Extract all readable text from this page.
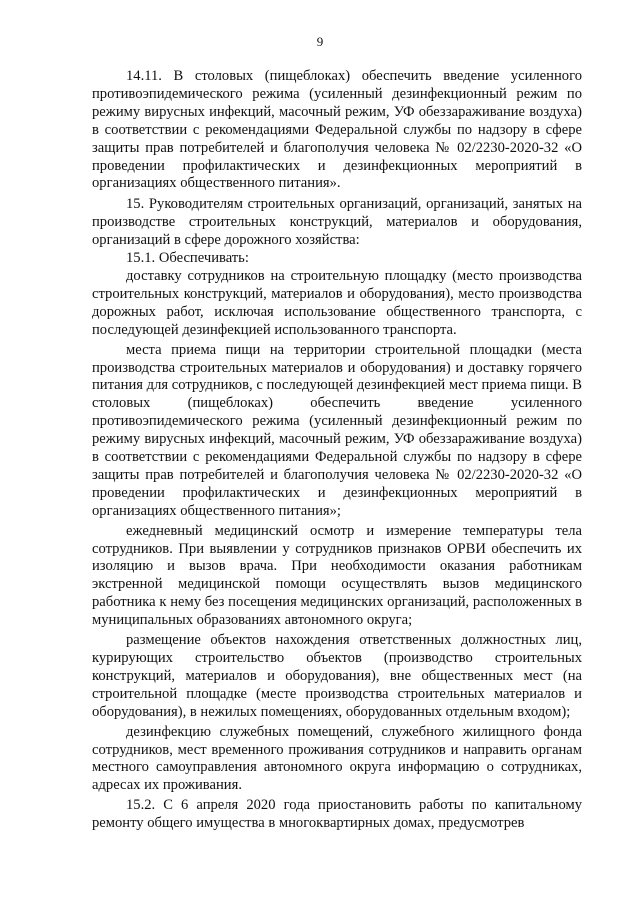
9

14.11. В столовых (пищеблоках) обеспечить введение усиленного противоэпидемического режима (усиленный дезинфекционный режим по режиму вирусных инфекций, масочный режим, УФ обеззараживание воздуха) в соответствии с рекомендациями Федеральной службы по надзору в сфере защиты прав потребителей и благополучия человека № 02/2230-2020-32 «О проведении профилактических и дезинфекционных мероприятий в организациях общественного питания».

15. Руководителям строительных организаций, организаций, занятых на производстве строительных конструкций, материалов и оборудования, организаций в сфере дорожного хозяйства:

15.1. Обеспечивать:

доставку сотрудников на строительную площадку (место производства строительных конструкций, материалов и оборудования), место производства дорожных работ, исключая использование общественного транспорта, с последующей дезинфекцией использованного транспорта.

места приема пищи на территории строительной площадки (места производства строительных материалов и оборудования) и доставку горячего питания для сотрудников, с последующей дезинфекцией мест приема пищи. В столовых (пищеблоках) обеспечить введение усиленного противоэпидемического режима (усиленный дезинфекционный режим по режиму вирусных инфекций, масочный режим, УФ обеззараживание воздуха) в соответствии с рекомендациями Федеральной службы по надзору в сфере защиты прав потребителей и благополучия человека № 02/2230-2020-32 «О проведении профилактических и дезинфекционных мероприятий в организациях общественного питания»;

ежедневный медицинский осмотр и измерение температуры тела сотрудников. При выявлении у сотрудников признаков ОРВИ обеспечить их изоляцию и вызов врача. При необходимости оказания работникам экстренной медицинской помощи осуществлять вызов медицинского работника к нему без посещения медицинских организаций, расположенных в муниципальных образованиях автономного округа;

размещение объектов нахождения ответственных должностных лиц, курирующих строительство объектов (производство строительных конструкций, материалов и оборудования), вне общественных мест (на строительной площадке (месте производства строительных материалов и оборудования), в нежилых помещениях, оборудованных отдельным входом);

дезинфекцию служебных помещений, служебного жилищного фонда сотрудников, мест временного проживания сотрудников и направить органам местного самоуправления автономного округа информацию о сотрудниках, адресах их проживания.

15.2. С 6 апреля 2020 года приостановить работы по капитальному ремонту общего имущества в многоквартирных домах, предусмотрев
